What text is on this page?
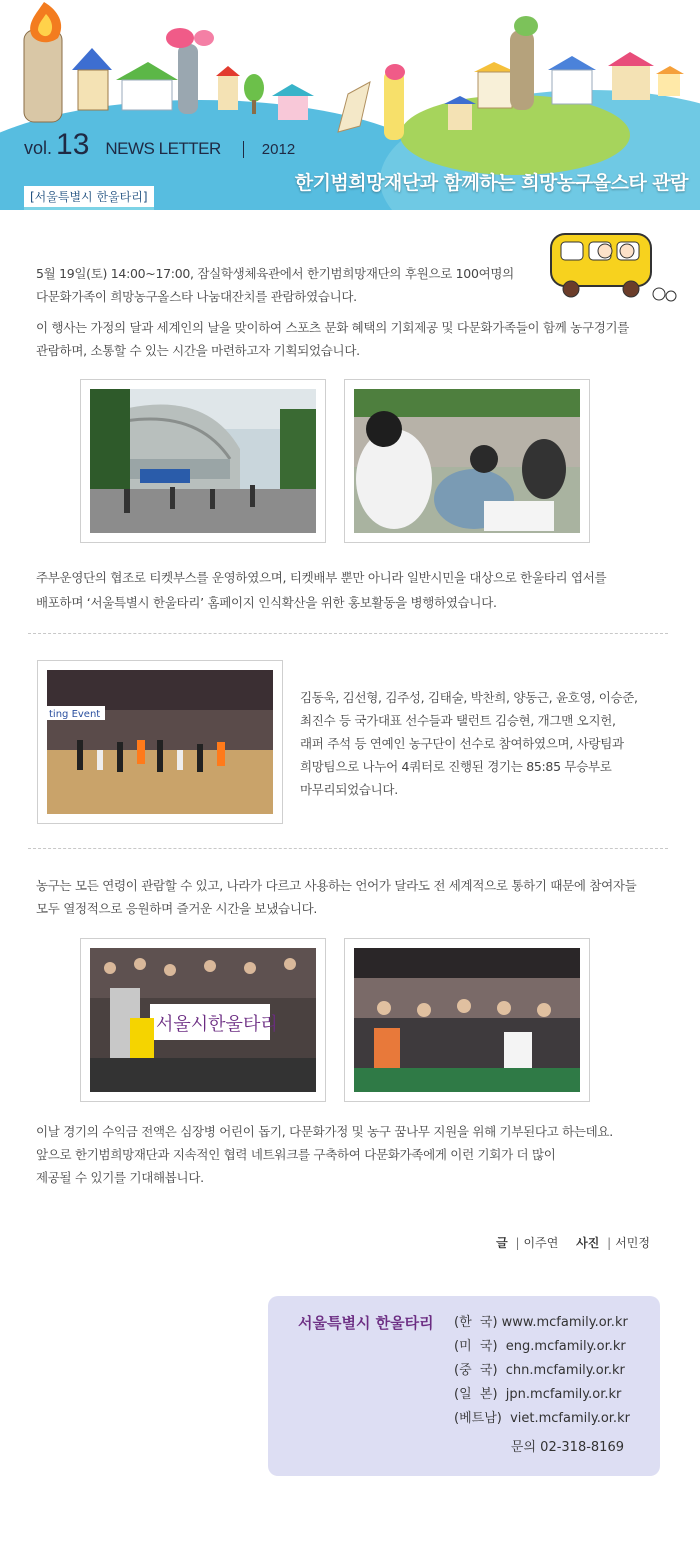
vol. 13 NEWS LETTER	2012
한기범희망재단과 함께하는 희망농구올스타 관람
[서울특별시 한울타리]
5월 19일(토) 14:00~17:00, 잠실학생체육관에서 한기범희망재단의 후원으로 100여명의
다문화가족이 희망농구올스타 나눔대잔치를 관람하였습니다.
이 행사는 가정의 달과 세계인의 날을 맞이하여 스포츠 문화 혜택의 기회제공 및 다문화가족들이 함께 농구경기를
관람하며, 소통할 수 있는 시간을 마련하고자 기획되었습니다.
주부운영단의 협조로 티켓부스를 운영하였으며, 티켓배부 뿐만 아니라 일반시민을 대상으로 한울타리 엽서를
배포하며 ‘서울특별시 한울타리’ 홈페이지 인식확산을 위한 홍보활동을 병행하였습니다.
ting Event
김동욱, 김선형, 김주성, 김태술, 박찬희, 양동근, 윤호영, 이승준,
최진수 등 국가대표 선수들과 탤런트 김승현, 개그맨 오지헌,
래퍼 주석 등 연예인 농구단이 선수로 참여하였으며, 사랑팀과
희망팀으로 나누어 4쿼터로 진행된 경기는 85:85 무승부로
마무리되었습니다.
농구는 모든 연령이 관람할 수 있고, 나라가 다르고 사용하는 언어가 달라도 전 세계적으로 통하기 때문에 참여자들
모두 열정적으로 응원하며 즐거운 시간을 보냈습니다.
서울시한울타리
이날 경기의 수익금 전액은 심장병 어린이 돕기, 다문화가정 및 농구 꿈나무 지원을 위해 기부된다고 하는데요.
앞으로 한기범희망재단과 지속적인 협력 네트워크를 구축하여 다문화가족에게 이런 기회가 더 많이
제공될 수 있기를 기대해봅니다.
글 | 이주연 사진 | 서민정
서울특별시 한울타리 (한  국) www.mcfamily.or.kr
(미  국)  eng.mcfamily.or.kr
(중  국)  chn.mcfamily.or.kr
(일  본)  jpn.mcfamily.or.kr
(베트남)  viet.mcfamily.or.kr
문의 02-318-8169
